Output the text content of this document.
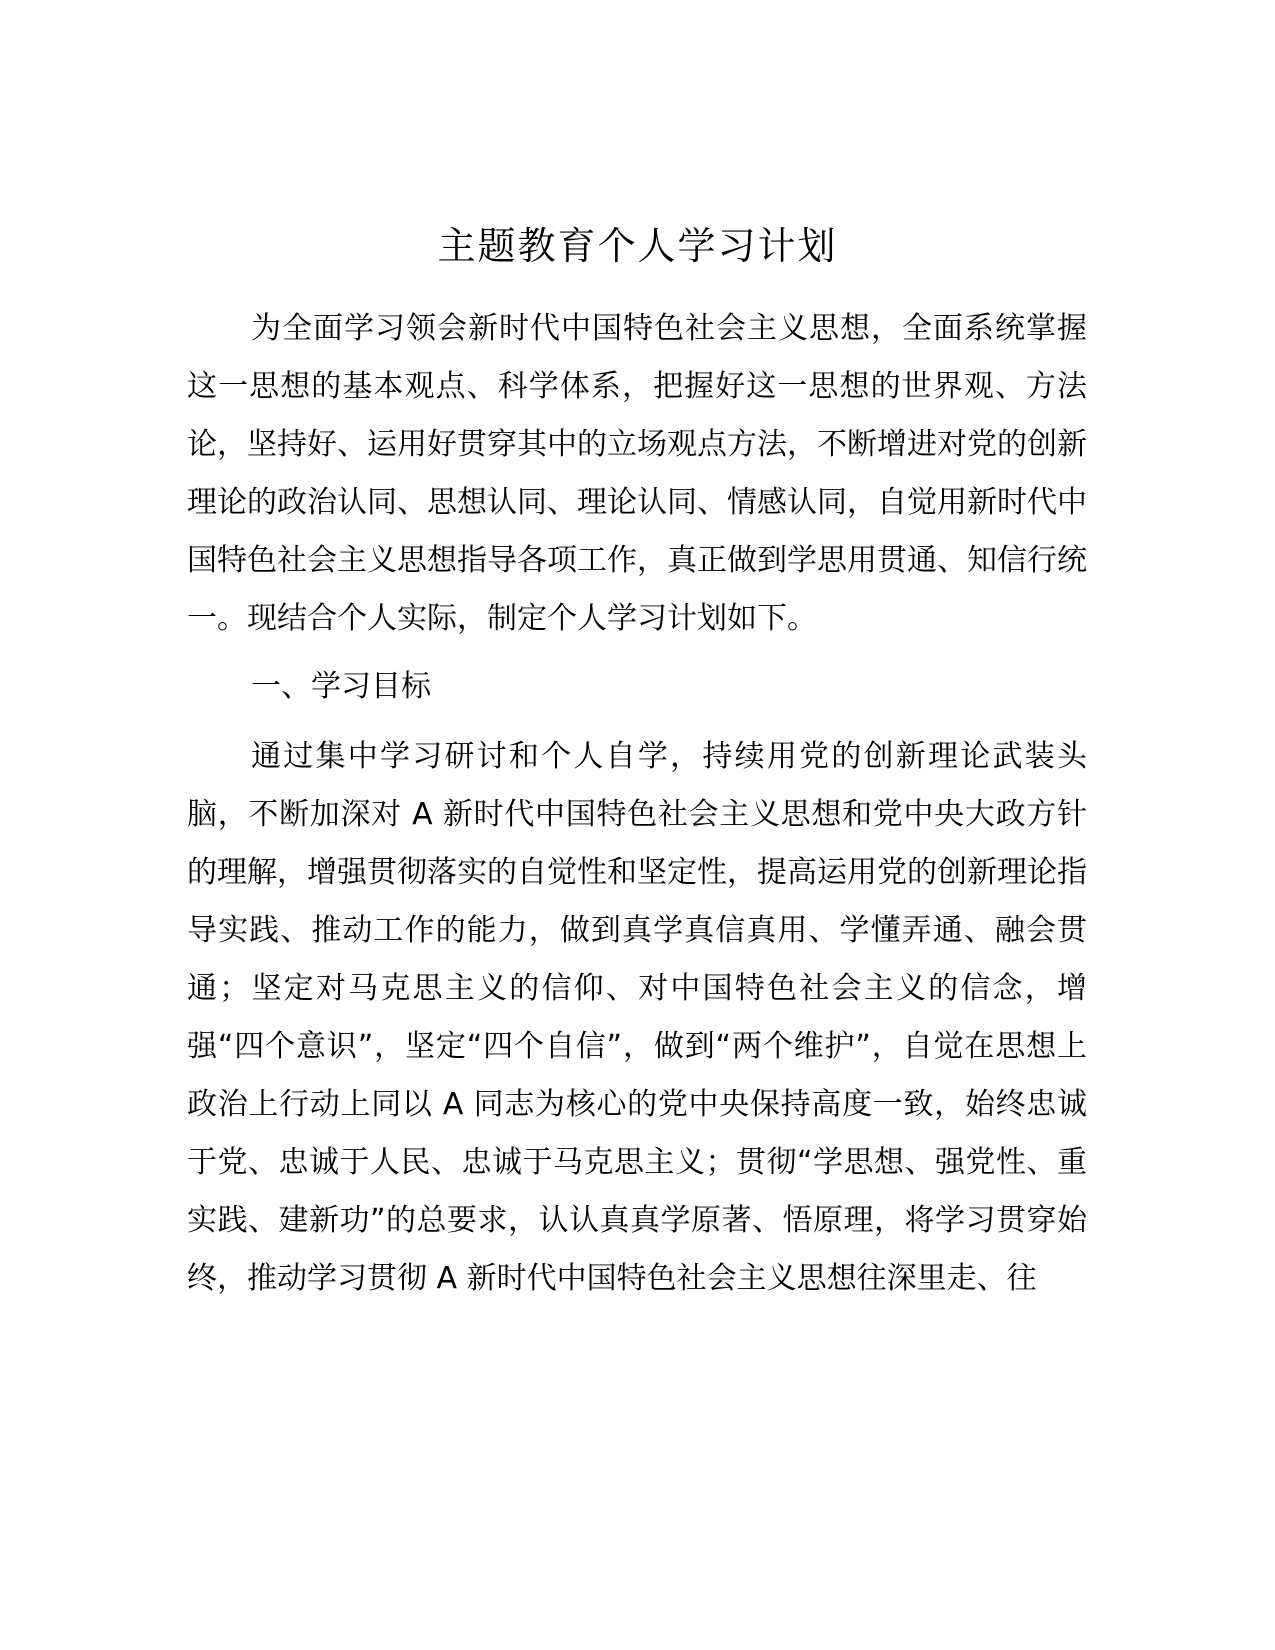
主题教育个人学习计划

为全面学习领会新时代中国特色社会主义思想，全面系统掌握这一思想的基本观点、科学体系，把握好这一思想的世界观、方法论，坚持好、运用好贯穿其中的立场观点方法，不断增进对党的创新理论的政治认同、思想认同、理论认同、情感认同，自觉用新时代中国特色社会主义思想指导各项工作，真正做到学思用贯通、知信行统一。现结合个人实际，制定个人学习计划如下。

一、学习目标

通过集中学习研讨和个人自学，持续用党的创新理论武装头脑，不断加深对 A 新时代中国特色社会主义思想和党中央大政方针的理解，增强贯彻落实的自觉性和坚定性，提高运用党的创新理论指导实践、推动工作的能力，做到真学真信真用、学懂弄通、融会贯通；坚定对马克思主义的信仰、对中国特色社会主义的信念，增强“四个意识”，坚定“四个自信”，做到“两个维护”，自觉在思想上政治上行动上同以 A 同志为核心的党中央保持高度一致，始终忠诚于党、忠诚于人民、忠诚于马克思主义；贯彻“学思想、强党性、重实践、建新功”的总要求，认认真真学原著、悟原理，将学习贯穿始终，推动学习贯彻 A 新时代中国特色社会主义思想往深里走、往
